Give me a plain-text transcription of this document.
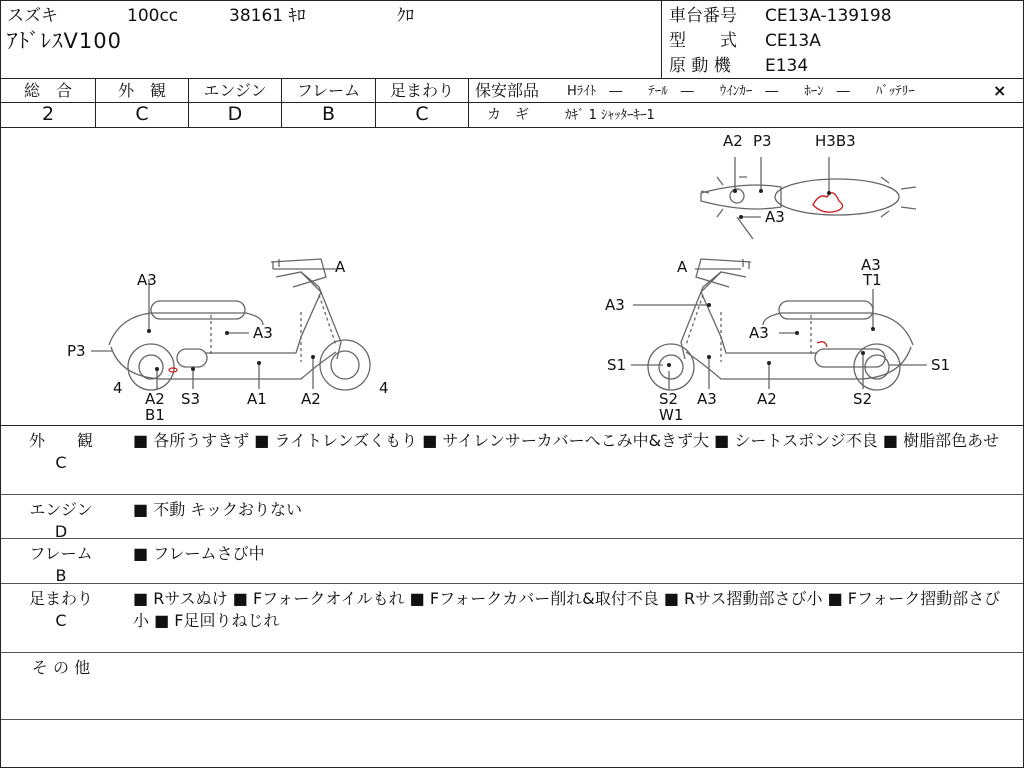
スズキ	100cc	38161 ｷﾛ	ｸﾛ
ｱﾄﾞﾚｽV100
車台番号 CE13A-139198
型　　式 CE13A
原 動 機 E134
総　合
2
外　観
C
エンジン
D
フレーム
B
足まわり
C
保安部品 Hﾗｲﾄ　―　　ﾃｰﾙ　―　　ｳｲﾝｶｰ　―　　ﾎｰﾝ　―　　ﾊﾞｯﾃﾘｰ	×
カ　ギ	ｶｷﾞ 1 ｼｬｯﾀｰｷｰ1
A3
A
A3
P3
4
A2
B1
S3	A1 A2
4
A2 P3	H3B3
A3
A	A3
T1
A3
A3
S1	S1
S2
W1
A3	A2	S2
外　　観
C
■ 各所うすきず ■ ライトレンズくもり ■ サイレンサーカバーへこみ中&きず大 ■ シートスポンジ不良 ■ 樹脂部色あせ
エンジン
D
■ 不動 キックおりない
フレーム
B
■ フレームさび中
足まわり
C
■ Rサスぬけ ■ Fフォークオイルもれ ■ Fフォークカバー削れ&取付不良 ■ Rサス摺動部さび小 ■ Fフォーク摺動部さび小 ■ F足回りねじれ
そ の 他
